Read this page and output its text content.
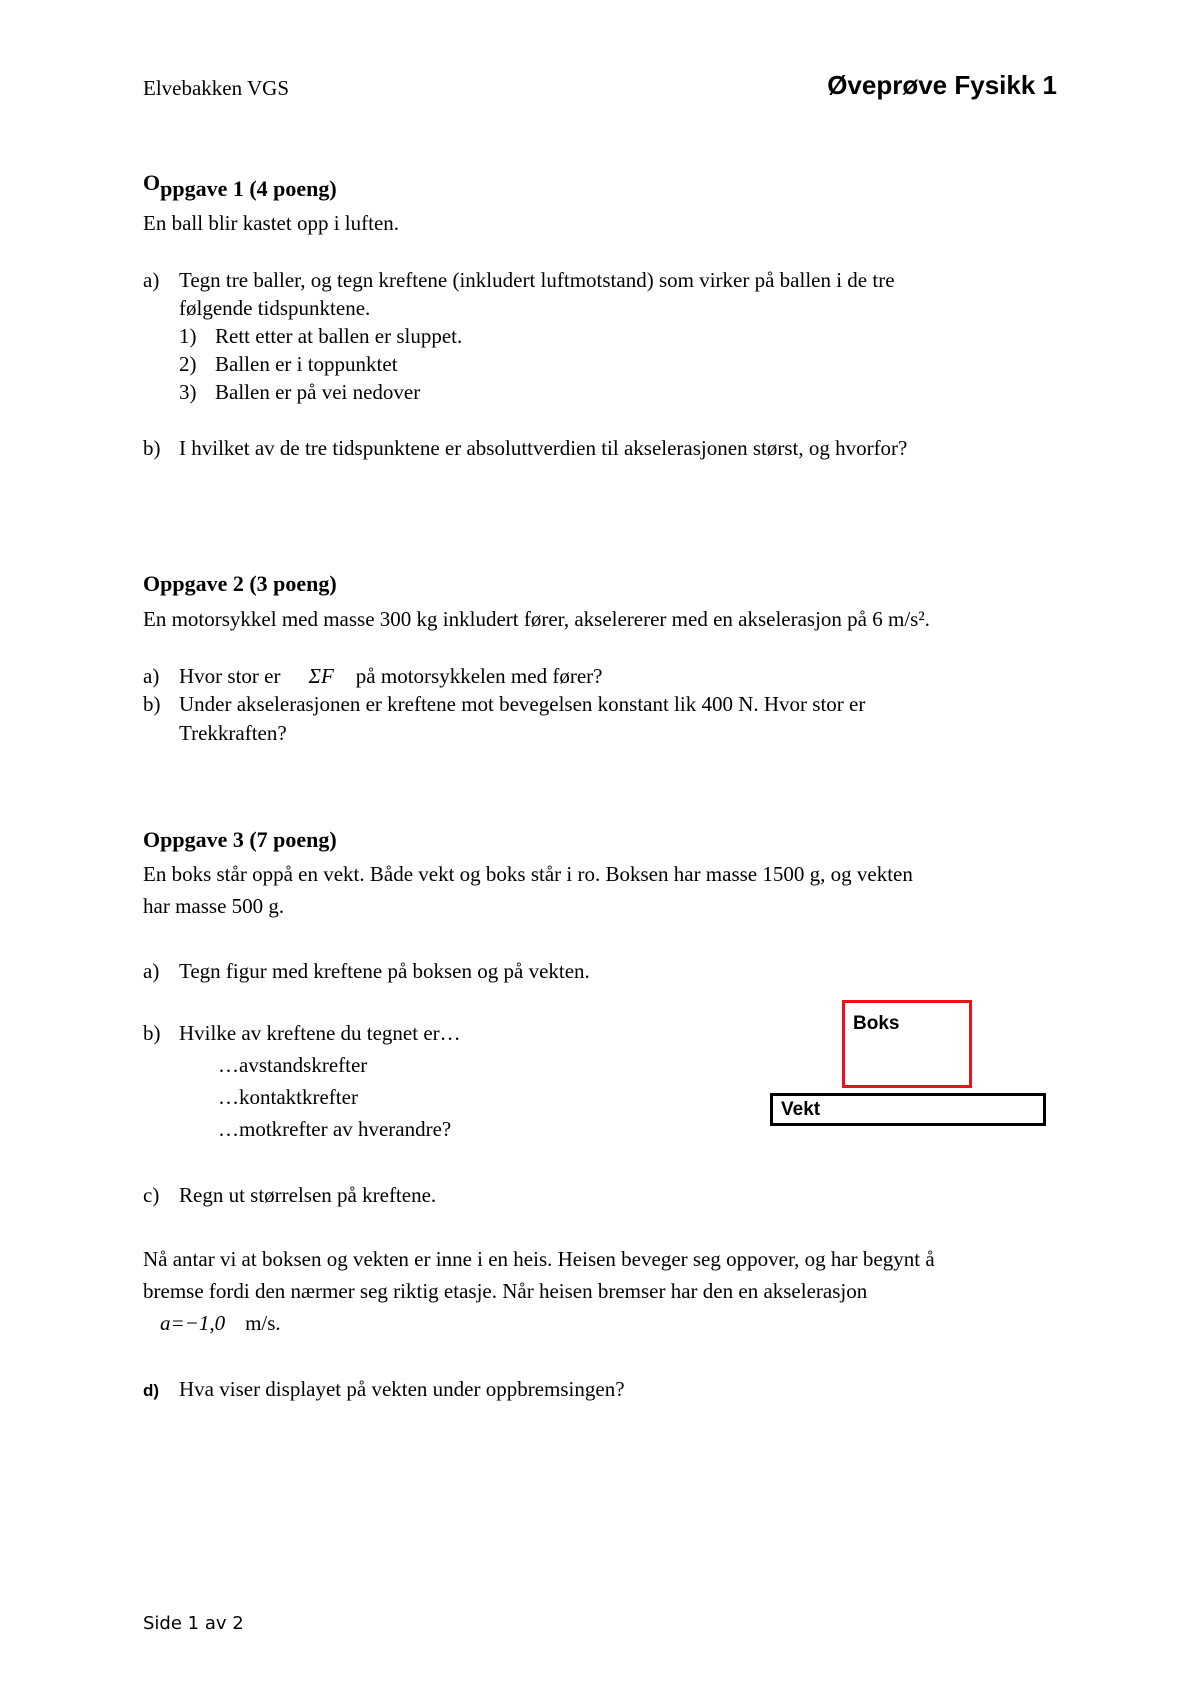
Elvebakken VGS	Øveprøve Fysikk 1
Oppgave 1 (4 poeng)
En ball blir kastet opp i luften.
a) Tegn tre baller, og tegn kreftene (inkludert luftmotstand) som virker på ballen i de tre
følgende tidspunktene.
1) Rett etter at ballen er sluppet.
2) Ballen er i toppunktet
3) Ballen er på vei nedover
b) I hvilket av de tre tidspunktene er absoluttverdien til akselerasjonen størst, og hvorfor?
Oppgave 2 (3 poeng)
En motorsykkel med masse 300 kg inkludert fører, akselererer med en akselerasjon på 6 m/s².
a) Hvor stor er ΣF på motorsykkelen med fører?
b) Under akselerasjonen er kreftene mot bevegelsen konstant lik 400 N. Hvor stor er
Trekkraften?
Oppgave 3 (7 poeng)
En boks står oppå en vekt. Både vekt og boks står i ro. Boksen har masse 1500 g, og vekten
har masse 500 g.
a) Tegn figur med kreftene på boksen og på vekten.
b) Hvilke av kreftene du tegnet er…
…avstandskrefter
…kontaktkrefter
…motkrefter av hverandre?
c) Regn ut størrelsen på kreftene.
Nå antar vi at boksen og vekten er inne i en heis. Heisen beveger seg oppover, og har begynt å
bremse fordi den nærmer seg riktig etasje. Når heisen bremser har den en akselerasjon
a=−1,0 m/s.
d) Hva viser displayet på vekten under oppbremsingen?
Boks
Vekt
Side 1 av 2
